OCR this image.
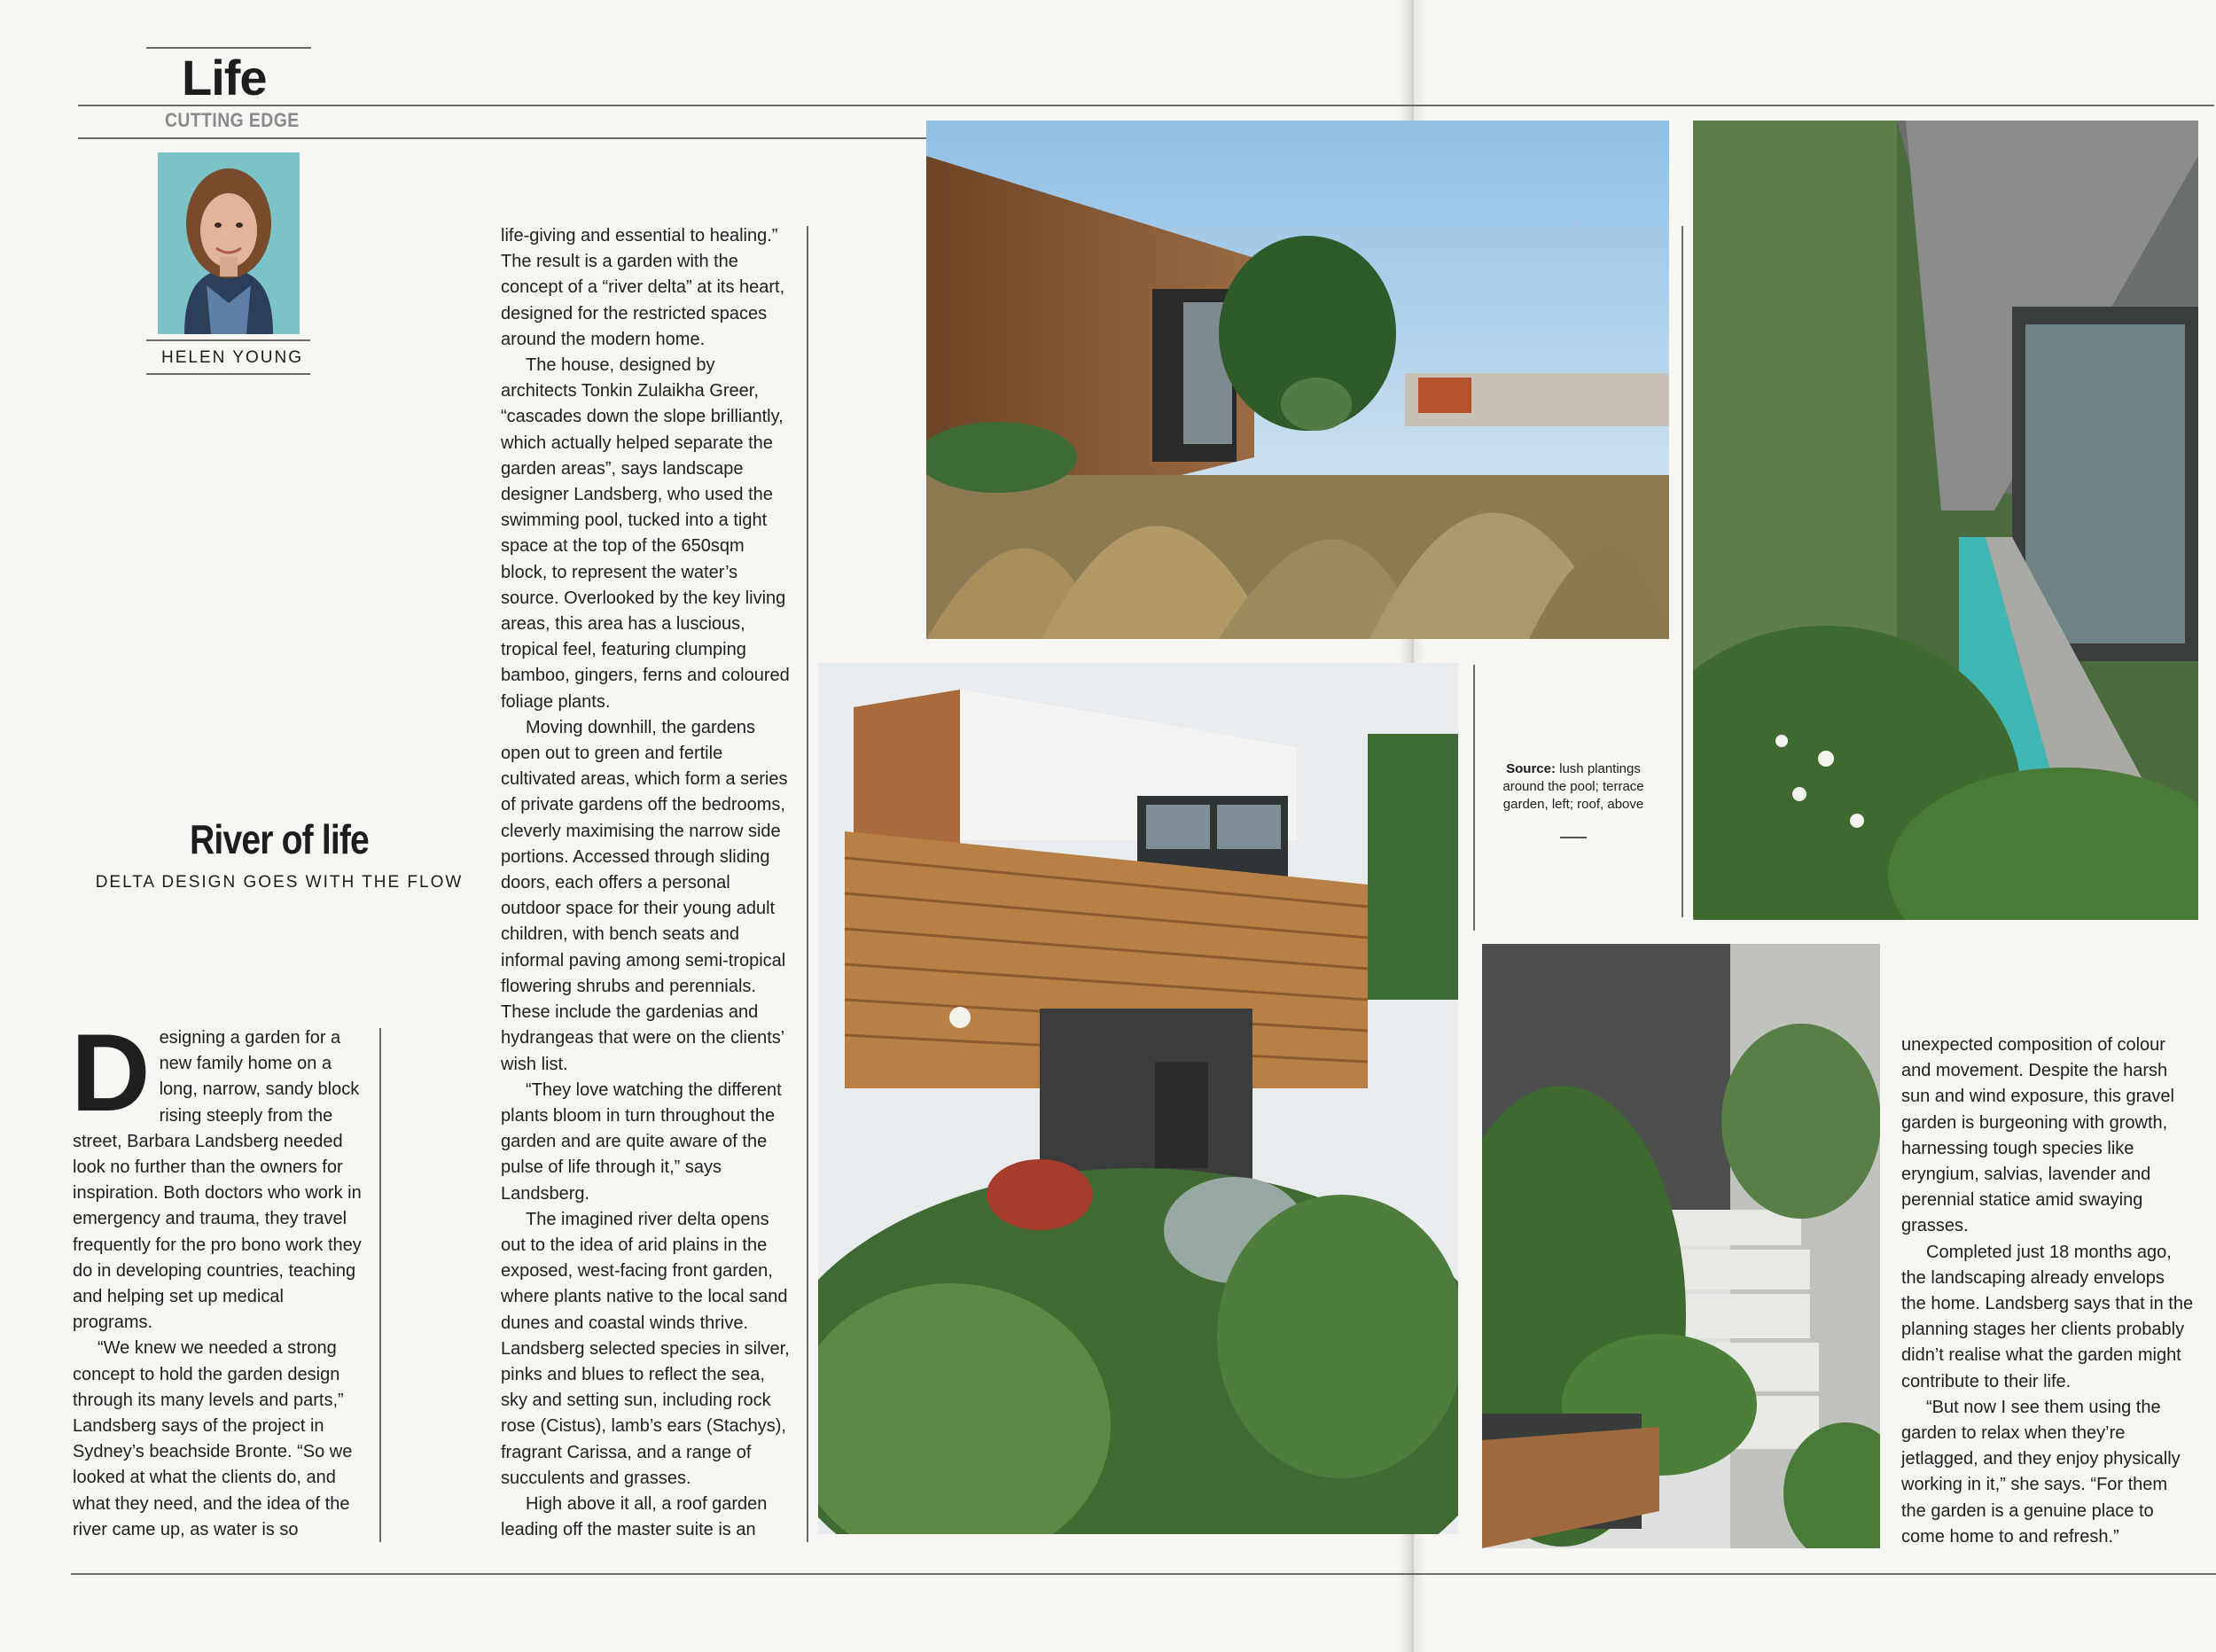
Life
CUTTING EDGE
HELEN YOUNG
River of life
DELTA DESIGN GOES WITH THE FLOW

Designing a garden for a new family home on a long, narrow, sandy block rising steeply from the street, Barbara Landsberg needed look no further than the owners for inspiration. Both doctors who work in emergency and trauma, they travel frequently for the pro bono work they do in developing countries, teaching and helping set up medical programs.

“We knew we needed a strong concept to hold the garden design through its many levels and parts,” Landsberg says of the project in Sydney’s beachside Bronte. “So we looked at what the clients do, and what they need, and the idea of the river came up, as water is so

life-giving and essential to healing.” The result is a garden with the concept of a “river delta” at its heart, designed for the restricted spaces around the modern home.

The house, designed by architects Tonkin Zulaikha Greer, “cascades down the slope brilliantly, which actually helped separate the garden areas”, says landscape designer Landsberg, who used the swimming pool, tucked into a tight space at the top of the 650sqm block, to represent the water’s source. Overlooked by the key living areas, this area has a luscious, tropical feel, featuring clumping bamboo, gingers, ferns and coloured foliage plants.

Moving downhill, the gardens open out to green and fertile cultivated areas, which form a series of private gardens off the bedrooms, cleverly maximising the narrow side portions. Accessed through sliding doors, each offers a personal outdoor space for their young adult children, with bench seats and informal paving among semi-tropical flowering shrubs and perennials. These include the gardenias and hydrangeas that were on the clients’ wish list.

“They love watching the different plants bloom in turn throughout the garden and are quite aware of the pulse of life through it,” says Landsberg.

The imagined river delta opens out to the idea of arid plains in the exposed, west-facing front garden, where plants native to the local sand dunes and coastal winds thrive. Landsberg selected species in silver, pinks and blues to reflect the sea, sky and setting sun, including rock rose (Cistus), lamb’s ears (Stachys), fragrant Carissa, and a range of succulents and grasses.

High above it all, a roof garden leading off the master suite is an

unexpected composition of colour and movement. Despite the harsh sun and wind exposure, this gravel garden is burgeoning with growth, harnessing tough species like eryngium, salvias, lavender and perennial statice amid swaying grasses.

Completed just 18 months ago, the landscaping already envelops the home. Landsberg says that in the planning stages her clients probably didn’t realise what the garden might contribute to their life.

“But now I see them using the garden to relax when they’re jetlagged, and they enjoy physically working in it,” she says. “For them the garden is a genuine place to come home to and refresh.”

Source: lush plantings around the pool; terrace garden, left; roof, above
